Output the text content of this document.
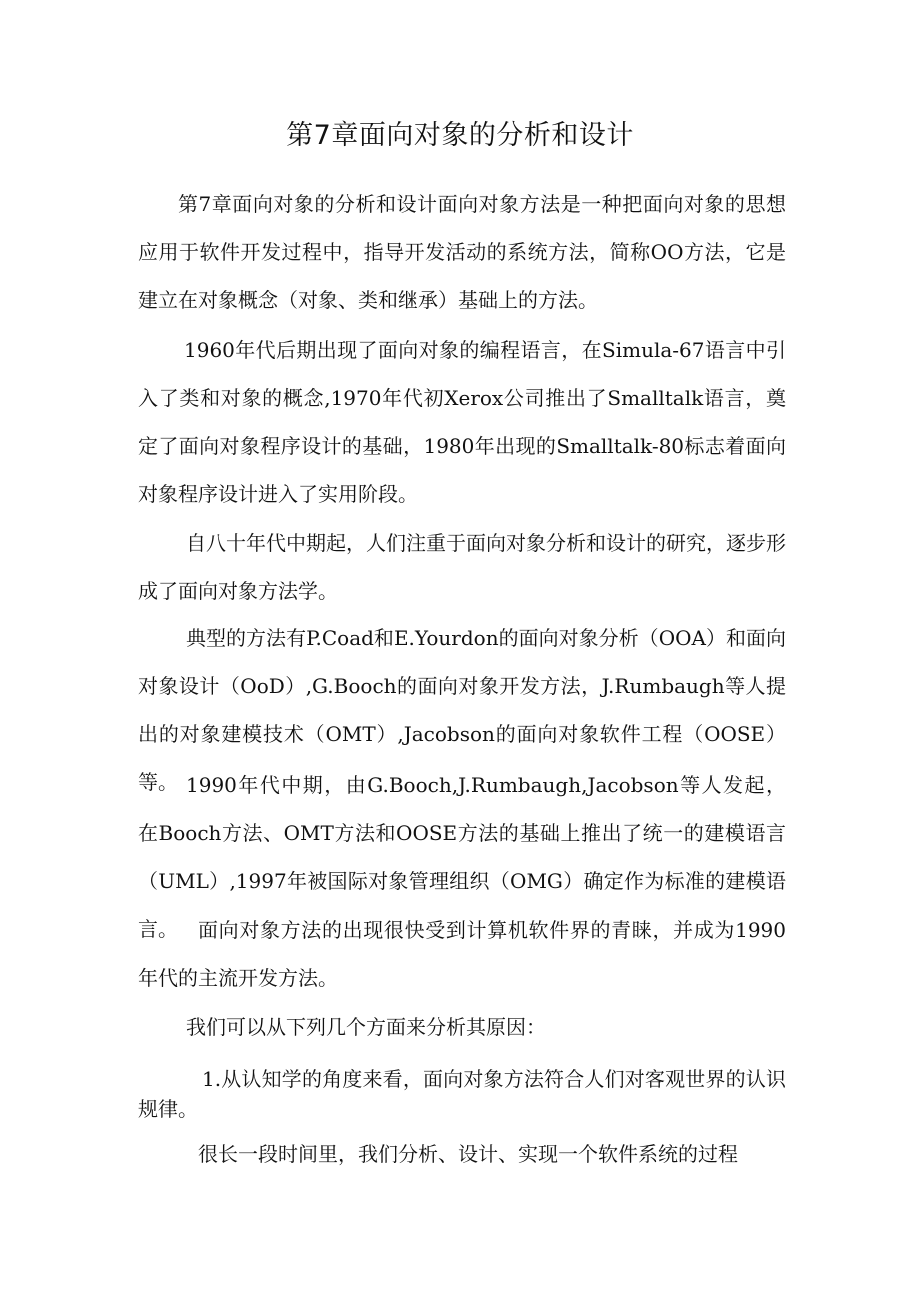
第7章面向对象的分析和设计

第7章面向对象的分析和设计面向对象方法是一种把面向对象的思想应用于软件开发过程中，指导开发活动的系统方法，简称OO方法，它是建立在对象概念（对象、类和继承）基础上的方法。

1960年代后期出现了面向对象的编程语言，在Simula-67语言中引入了类和对象的概念,1970年代初Xerox公司推出了Smalltalk语言，奠定了面向对象程序设计的基础，1980年出现的Smalltalk-80标志着面向对象程序设计进入了实用阶段。

自八十年代中期起，人们注重于面向对象分析和设计的研究，逐步形成了面向对象方法学。

典型的方法有P.Coad和E.Yourdon的面向对象分析（OOA）和面向对象设计（OoD）,G.Booch的面向对象开发方法，J.Rumbaugh等人提出的对象建模技术（OMT）,Jacobson的面向对象软件工程（OOSE）等。 1990年代中期，由G.Booch,J.Rumbaugh,Jacobson等人发起，在Booch方法、OMT方法和OOSE方法的基础上推出了统一的建模语言（UML）,1997年被国际对象管理组织（OMG）确定作为标准的建模语言。	面向对象方法的出现很快受到计算机软件界的青睐，并成为1990年代的主流开发方法。

我们可以从下列几个方面来分析其原因：

1.从认知学的角度来看，面向对象方法符合人们对客观世界的认识规律。

很长一段时间里，我们分析、设计、实现一个软件系统的过程
